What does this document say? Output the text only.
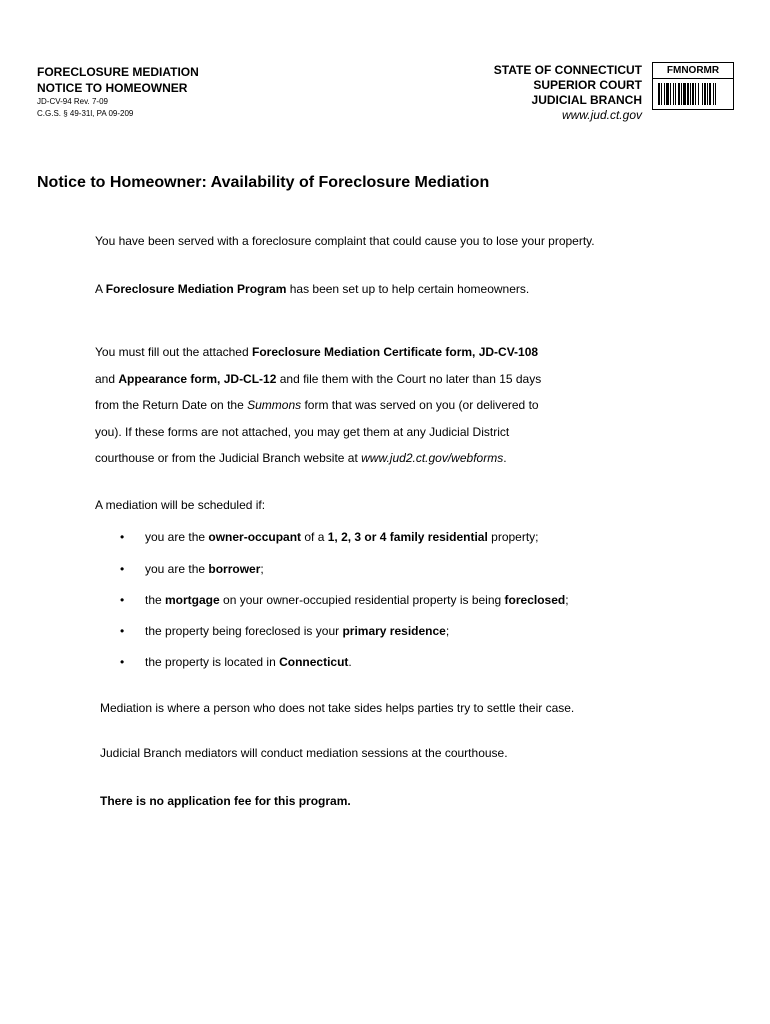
FORECLOSURE MEDIATION
NOTICE TO HOMEOWNER
JD-CV-94 Rev. 7-09
C.G.S. § 49-31l, PA 09-209
STATE OF CONNECTICUT
SUPERIOR COURT
JUDICIAL BRANCH
www.jud.ct.gov
FMNORMR
Notice to Homeowner: Availability of Foreclosure Mediation
You have been served with a foreclosure complaint that could cause you to lose your property.
A Foreclosure Mediation Program has been set up to help certain homeowners.
You must fill out the attached Foreclosure Mediation Certificate form, JD-CV-108
and Appearance form, JD-CL-12 and file them with the Court no later than 15 days
from the Return Date on the Summons form that was served on you (or delivered to
you). If these forms are not attached, you may get them at any Judicial District
courthouse or from the Judicial Branch website at www.jud2.ct.gov/webforms.
A mediation will be scheduled if:
• you are the owner-occupant of a 1, 2, 3 or 4 family residential property;
• you are the borrower;
• the mortgage on your owner-occupied residential property is being foreclosed;
• the property being foreclosed is your primary residence;
• the property is located in Connecticut.
Mediation is where a person who does not take sides helps parties try to settle their case.
Judicial Branch mediators will conduct mediation sessions at the courthouse.
There is no application fee for this program.
